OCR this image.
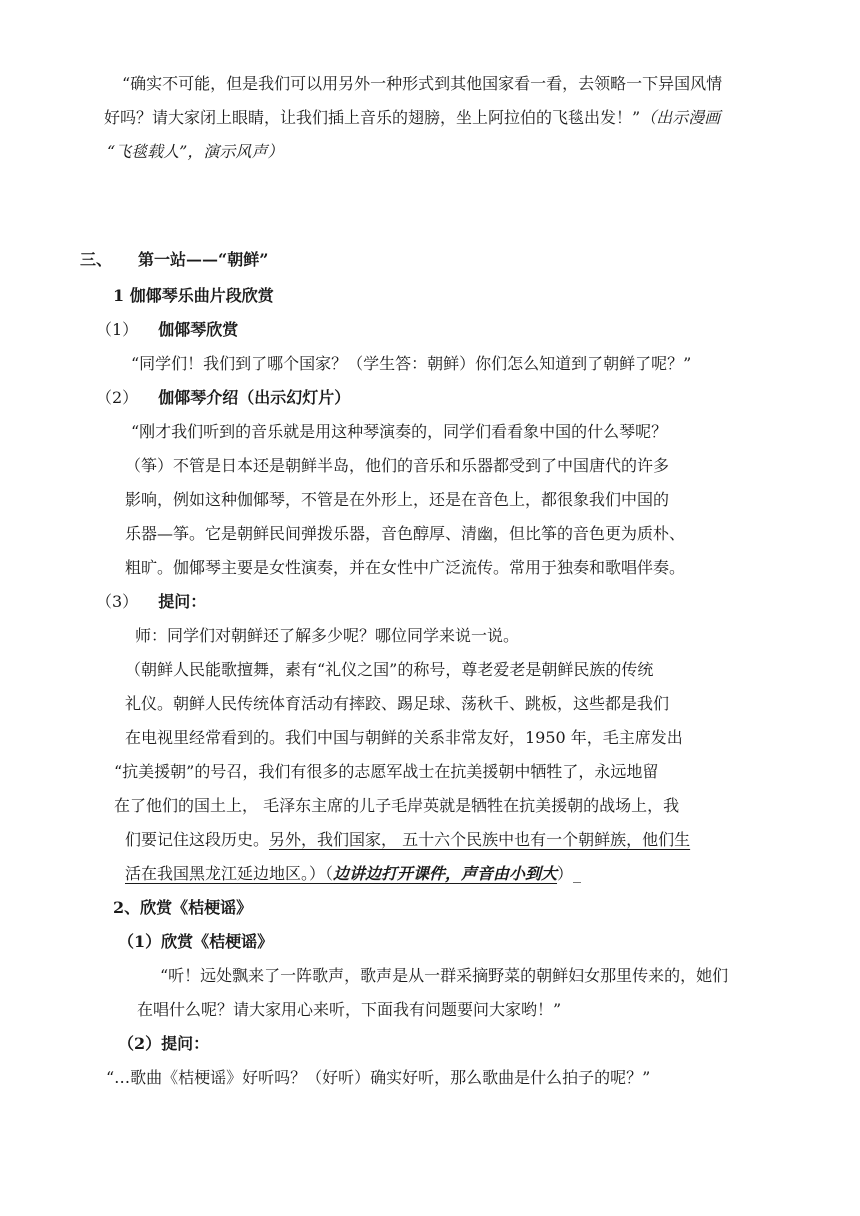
“确实不可能，但是我们可以用另外一种形式到其他国家看一看，去领略一下异国风情
好吗？请大家闭上眼睛，让我们插上音乐的翅膀，坐上阿拉伯的飞毯出发！”（出示漫画
“飞毯载人”，演示风声）
三、 第一站——“朝鲜”
1 伽倻琴乐曲片段欣赏
（1） 伽倻琴欣赏
“同学们！我们到了哪个国家？（学生答：朝鲜）你们怎么知道到了朝鲜了呢？”
（2） 伽倻琴介绍（出示幻灯片）
“刚才我们听到的音乐就是用这种琴演奏的，同学们看看象中国的什么琴呢？
（筝）不管是日本还是朝鲜半岛，他们的音乐和乐器都受到了中国唐代的许多
影响，例如这种伽倻琴，不管是在外形上，还是在音色上，都很象我们中国的
乐器—筝。它是朝鲜民间弹拨乐器，音色醇厚、清幽，但比筝的音色更为质朴、
粗旷。伽倻琴主要是女性演奏，并在女性中广泛流传。常用于独奏和歌唱伴奏。
（3） 提问：
师：同学们对朝鲜还了解多少呢？哪位同学来说一说。
（朝鲜人民能歌擅舞，素有“礼仪之国”的称号，尊老爱老是朝鲜民族的传统
礼仪。朝鲜人民传统体育活动有摔跤、踢足球、荡秋千、跳板，这些都是我们
在电视里经常看到的。我们中国与朝鲜的关系非常友好，1950 年，毛主席发出
“抗美援朝”的号召，我们有很多的志愿军战士在抗美援朝中牺牲了，永远地留
在了他们的国土上， 毛泽东主席的儿子毛岸英就是牺牲在抗美援朝的战场上，我
们要记住这段历史。另外，我们国家， 五十六个民族中也有一个朝鲜族，他们生
活在我国黑龙江延边地区。）（边讲边打开课件，声音由小到大）_
2、欣赏《桔梗谣》
（1）欣赏《桔梗谣》
“听！远处飘来了一阵歌声，歌声是从一群采摘野菜的朝鲜妇女那里传来的，她们
在唱什么呢？请大家用心来听，下面我有问题要问大家哟！”
（2）提问：
“…歌曲《桔梗谣》好听吗？（好听）确实好听，那么歌曲是什么拍子的呢？”
